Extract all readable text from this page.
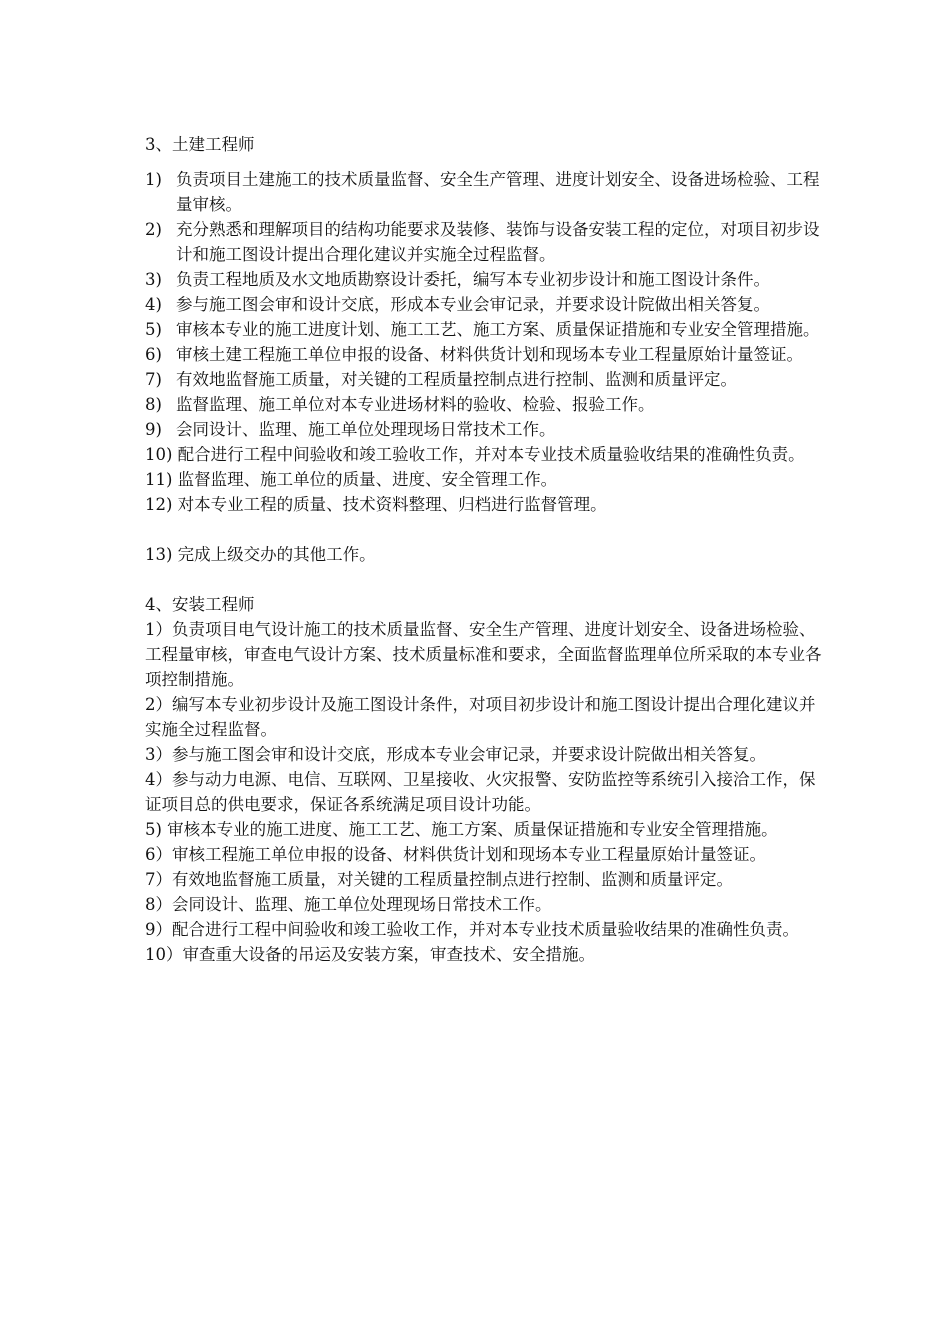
3、土建工程师

1) 负责项目土建施工的技术质量监督、安全生产管理、进度计划安全、设备进场检验、工程量审核。
2) 充分熟悉和理解项目的结构功能要求及装修、装饰与设备安装工程的定位，对项目初步设计和施工图设计提出合理化建议并实施全过程监督。
3) 负责工程地质及水文地质勘察设计委托，编写本专业初步设计和施工图设计条件。
4) 参与施工图会审和设计交底，形成本专业会审记录，并要求设计院做出相关答复。
5) 审核本专业的施工进度计划、施工工艺、施工方案、质量保证措施和专业安全管理措施。
6) 审核土建工程施工单位申报的设备、材料供货计划和现场本专业工程量原始计量签证。
7) 有效地监督施工质量，对关键的工程质量控制点进行控制、监测和质量评定。
8) 监督监理、施工单位对本专业进场材料的验收、检验、报验工作。
9) 会同设计、监理、施工单位处理现场日常技术工作。
10) 配合进行工程中间验收和竣工验收工作，并对本专业技术质量验收结果的准确性负责。
11) 监督监理、施工单位的质量、进度、安全管理工作。
12) 对本专业工程的质量、技术资料整理、归档进行监督管理。
13) 完成上级交办的其他工作。

4、安装工程师

1）负责项目电气设计施工的技术质量监督、安全生产管理、进度计划安全、设备进场检验、工程量审核，审查电气设计方案、技术质量标准和要求，全面监督监理单位所采取的本专业各项控制措施。
2）编写本专业初步设计及施工图设计条件，对项目初步设计和施工图设计提出合理化建议并实施全过程监督。
3）参与施工图会审和设计交底，形成本专业会审记录，并要求设计院做出相关答复。
4）参与动力电源、电信、互联网、卫星接收、火灾报警、安防监控等系统引入接洽工作，保证项目总的供电要求，保证各系统满足项目设计功能。
5) 审核本专业的施工进度、施工工艺、施工方案、质量保证措施和专业安全管理措施。
6）审核工程施工单位申报的设备、材料供货计划和现场本专业工程量原始计量签证。
7）有效地监督施工质量，对关键的工程质量控制点进行控制、监测和质量评定。
8）会同设计、监理、施工单位处理现场日常技术工作。
9）配合进行工程中间验收和竣工验收工作，并对本专业技术质量验收结果的准确性负责。
10）审查重大设备的吊运及安装方案，审查技术、安全措施。
